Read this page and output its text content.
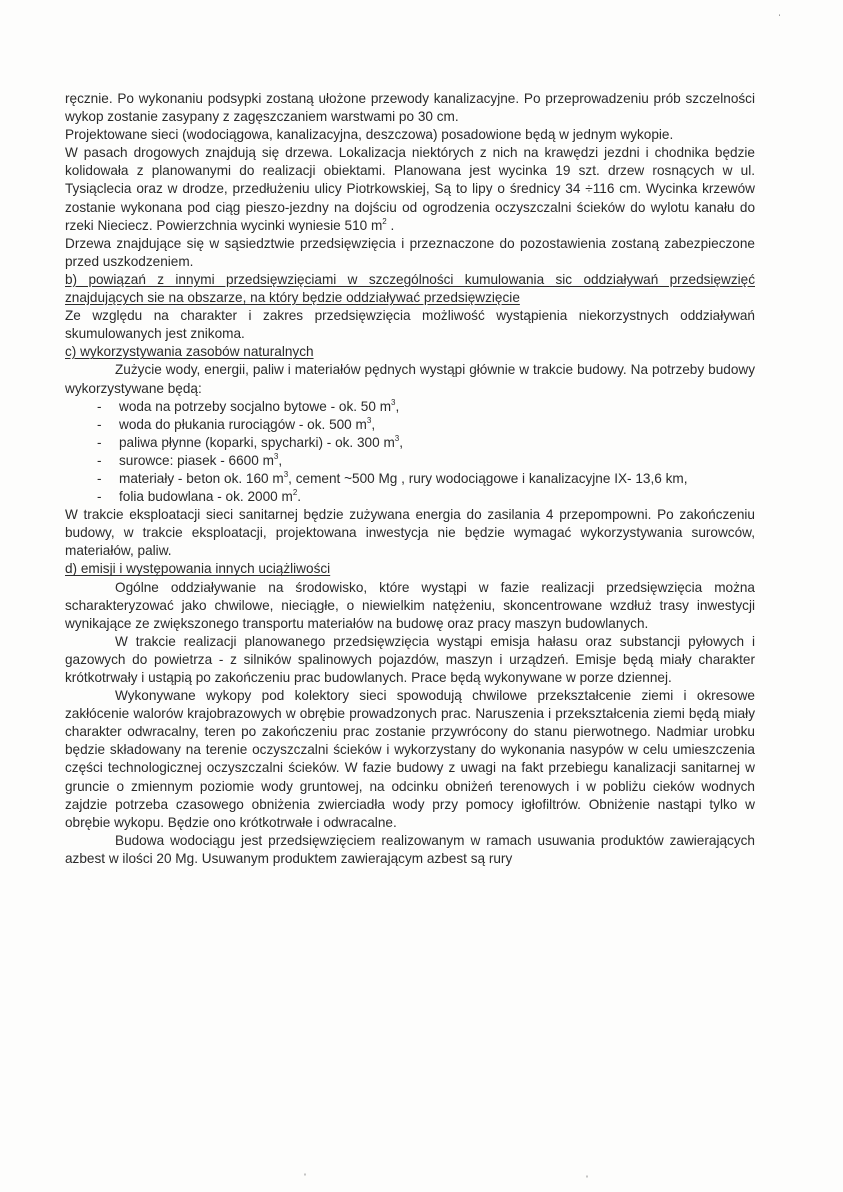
ręcznie. Po wykonaniu podsypki zostaną ułożone przewody kanalizacyjne. Po przeprowadzeniu prób szczelności wykop zostanie zasypany z zagęszczaniem warstwami po 30 cm.

Projektowane sieci (wodociągowa, kanalizacyjna, deszczowa) posadowione będą w jednym wykopie.

W pasach drogowych znajdują się drzewa. Lokalizacja niektórych z nich na krawędzi jezdni i chodnika będzie kolidowała z planowanymi do realizacji obiektami. Planowana jest wycinka 19 szt. drzew rosnących w ul. Tysiąclecia oraz w drodze, przedłużeniu ulicy Piotrkowskiej, Są to lipy o średnicy 34 ÷116 cm. Wycinka krzewów zostanie wykonana pod ciąg pieszo-jezdny na dojściu od ogrodzenia oczyszczalni ścieków do wylotu kanału do rzeki Nieciecz. Powierzchnia wycinki wyniesie 510 $m^2$ .

Drzewa znajdujące się w sąsiedztwie przedsięwzięcia i przeznaczone do pozostawienia zostaną zabezpieczone przed uszkodzeniem.

b) powiązań z innymi przedsięwzięciami w szczególności kumulowania sic oddziaływań przedsięwzięć znajdujących sie na obszarze, na który będzie oddziaływać przedsięwzięcie

Ze względu na charakter i zakres przedsięwzięcia możliwość wystąpienia niekorzystnych oddziaływań skumulowanych jest znikoma.

c) wykorzystywania zasobów naturalnych

Zużycie wody, energii, paliw i materiałów pędnych wystąpi głównie w trakcie budowy. Na potrzeby budowy wykorzystywane będą:

- woda na potrzeby socjalno bytowe - ok. 50 $m^3$,
- woda do płukania rurociągów - ok. 500 $m^3$,
- paliwa płynne (koparki, spycharki) - ok. 300 $m^3$,
- surowce: piasek - 6600 $m^3$,
- materiały - beton ok. 160 $m^3$, cement ~500 Mg , rury wodociągowe i kanalizacyjne IX- 13,6 km,
- folia budowlana - ok. 2000 $m^2$.

W trakcie eksploatacji sieci sanitarnej będzie zużywana energia do zasilania 4 przepompowni. Po zakończeniu budowy, w trakcie eksploatacji, projektowana inwestycja nie będzie wymagać wykorzystywania surowców, materiałów, paliw.

d) emisji i występowania innych uciążliwości

Ogólne oddziaływanie na środowisko, które wystąpi w fazie realizacji przedsięwzięcia można scharakteryzować jako chwilowe, nieciągłe, o niewielkim natężeniu, skoncentrowane wzdłuż trasy inwestycji wynikające ze zwiększonego transportu materiałów na budowę oraz pracy maszyn budowlanych.

W trakcie realizacji planowanego przedsięwzięcia wystąpi emisja hałasu oraz substancji pyłowych i gazowych do powietrza - z silników spalinowych pojazdów, maszyn i urządzeń. Emisje będą miały charakter krótkotrwały i ustąpią po zakończeniu prac budowlanych. Prace będą wykonywane w porze dziennej.

Wykonywane wykopy pod kolektory sieci spowodują chwilowe przekształcenie ziemi i okresowe zakłócenie walorów krajobrazowych w obrębie prowadzonych prac. Naruszenia i przekształcenia ziemi będą miały charakter odwracalny, teren po zakończeniu prac zostanie przywrócony do stanu pierwotnego. Nadmiar urobku będzie składowany na terenie oczyszczalni ścieków i wykorzystany do wykonania nasypów w celu umieszczenia części technologicznej oczyszczalni ścieków. W fazie budowy z uwagi na fakt przebiegu kanalizacji sanitarnej w gruncie o zmiennym poziomie wody gruntowej, na odcinku obniżeń terenowych i w pobliżu cieków wodnych zajdzie potrzeba czasowego obniżenia zwierciadła wody przy pomocy igłofiltrów. Obniżenie nastąpi tylko w obrębie wykopu. Będzie ono krótkotrwałe i odwracalne.

Budowa wodociągu jest przedsięwzięciem realizowanym w ramach usuwania produktów zawierających azbest w ilości 20 Mg. Usuwanym produktem zawierającym azbest są rury

ˌ	ˌ
ˈ
